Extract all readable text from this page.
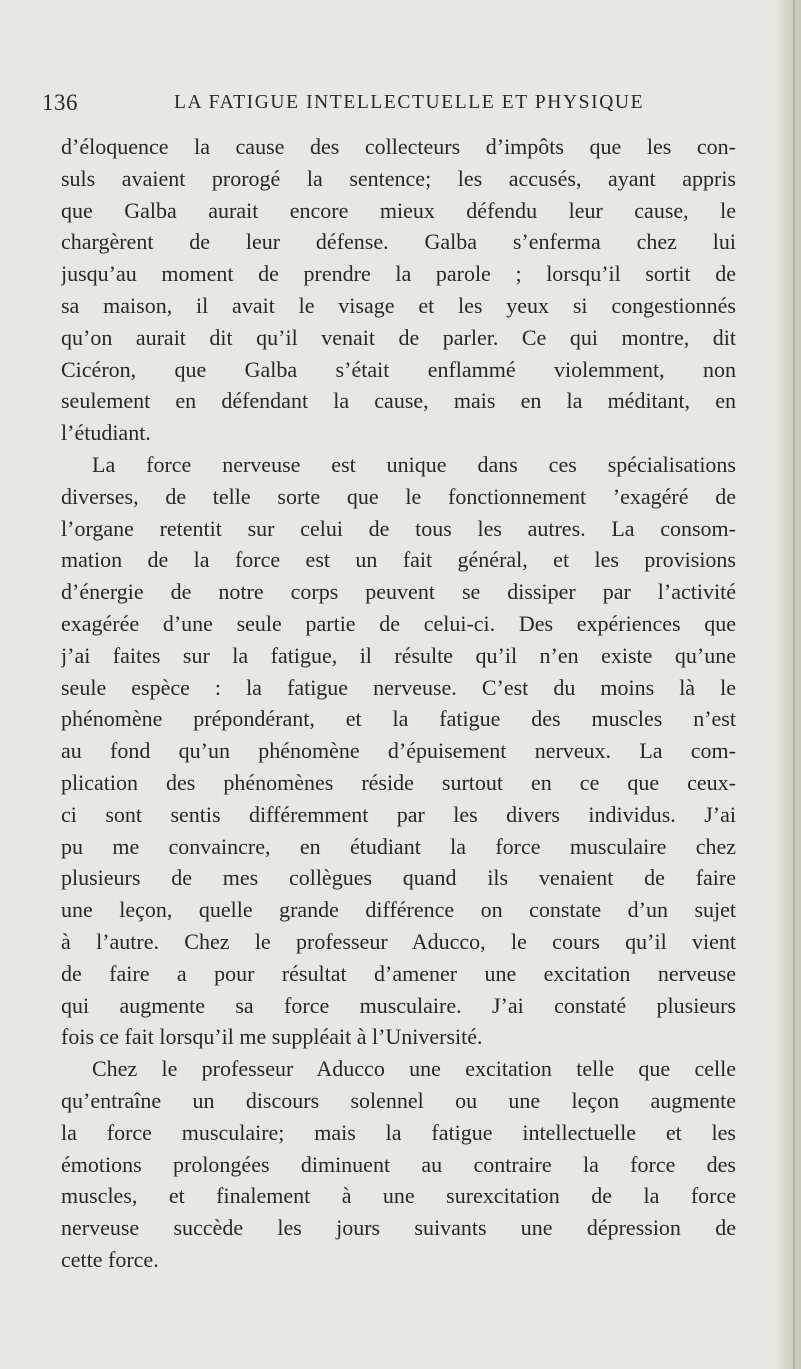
136	LA FATIGUE INTELLECTUELLE ET PHYSIQUE
d’éloquence la cause des collecteurs d’impôts que les con-
suls avaient prorogé la sentence; les accusés, ayant appris
que Galba aurait encore mieux défendu leur cause, le
chargèrent de leur défense. Galba s’enferma chez lui
jusqu’au moment de prendre la parole ; lorsqu’il sortit de
sa maison, il avait le visage et les yeux si congestionnés
qu’on aurait dit qu’il venait de parler. Ce qui montre, dit
Cicéron, que Galba s’était enflammé violemment, non
seulement en défendant la cause, mais en la méditant, en
l’étudiant.
La force nerveuse est unique dans ces spécialisations
diverses, de telle sorte que le fonctionnement ’exagéré de
l’organe retentit sur celui de tous les autres. La consom-
mation de la force est un fait général, et les provisions
d’énergie de notre corps peuvent se dissiper par l’activité
exagérée d’une seule partie de celui-ci. Des expériences que
j’ai faites sur la fatigue, il résulte qu’il n’en existe qu’une
seule espèce : la fatigue nerveuse. C’est du moins là le
phénomène prépondérant, et la fatigue des muscles n’est
au fond qu’un phénomène d’épuisement nerveux. La com-
plication des phénomènes réside surtout en ce que ceux-
ci sont sentis différemment par les divers individus. J’ai
pu me convaincre, en étudiant la force musculaire chez
plusieurs de mes collègues quand ils venaient de faire
une leçon, quelle grande différence on constate d’un sujet
à l’autre. Chez le professeur Aducco, le cours qu’il vient
de faire a pour résultat d’amener une excitation nerveuse
qui augmente sa force musculaire. J’ai constaté plusieurs
fois ce fait lorsqu’il me suppléait à l’Université.
Chez le professeur Aducco une excitation telle que celle
qu’entraîne un discours solennel ou une leçon augmente
la force musculaire; mais la fatigue intellectuelle et les
émotions prolongées diminuent au contraire la force des
muscles, et finalement à une surexcitation de la force
nerveuse succède les jours suivants une dépression de
cette force.
